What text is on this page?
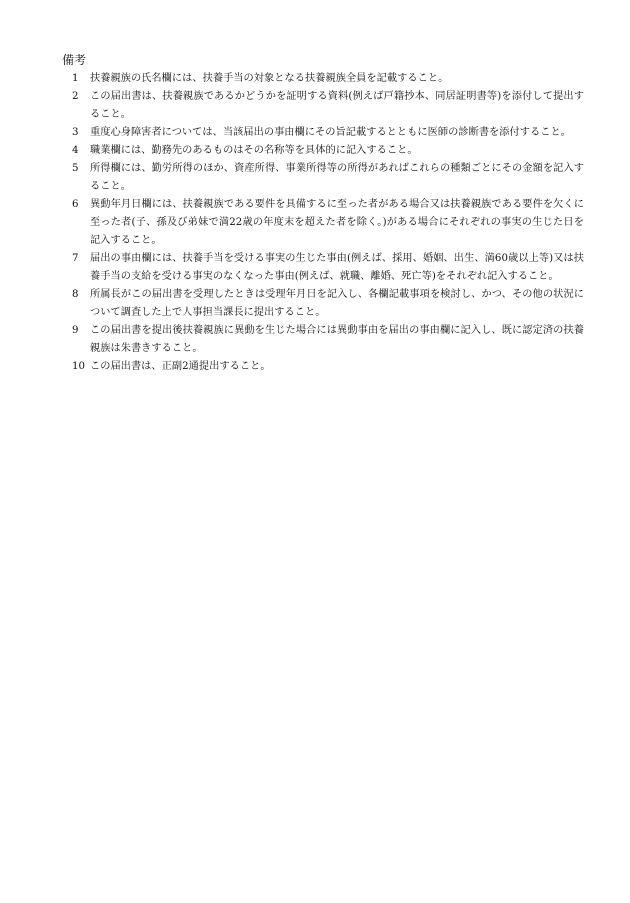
備考

1	扶養親族の氏名欄には、扶養手当の対象となる扶養親族全員を記載すること。

2	この届出書は、扶養親族であるかどうかを証明する資料(例えば戸籍抄本、同居証明書等)を添付して提出すること。

3	重度心身障害者については、当該届出の事由欄にその旨記載するとともに医師の診断書を添付すること。

4	職業欄には、勤務先のあるものはその名称等を具体的に記入すること。

5	所得欄には、勤労所得のほか、資産所得、事業所得等の所得があればこれらの種類ごとにその金額を記入すること。

6	異動年月日欄には、扶養親族である要件を具備するに至った者がある場合又は扶養親族である要件を欠くに至った者(子、孫及び弟妹で満22歳の年度末を超えた者を除く。)がある場合にそれぞれの事実の生じた日を記入すること。

7	届出の事由欄には、扶養手当を受ける事実の生じた事由(例えば、採用、婚姻、出生、満60歳以上等)又は扶養手当の支給を受ける事実のなくなった事由(例えば、就職、離婚、死亡等)をそれぞれ記入すること。

8	所属長がこの届出書を受理したときは受理年月日を記入し、各欄記載事項を検討し、かつ、その他の状況について調査した上で人事担当課長に提出すること。

9	この届出書を提出後扶養親族に異動を生じた場合には異動事由を届出の事由欄に記入し、既に認定済の扶養親族は朱書きすること。

10 この届出書は、正副2通提出すること。
